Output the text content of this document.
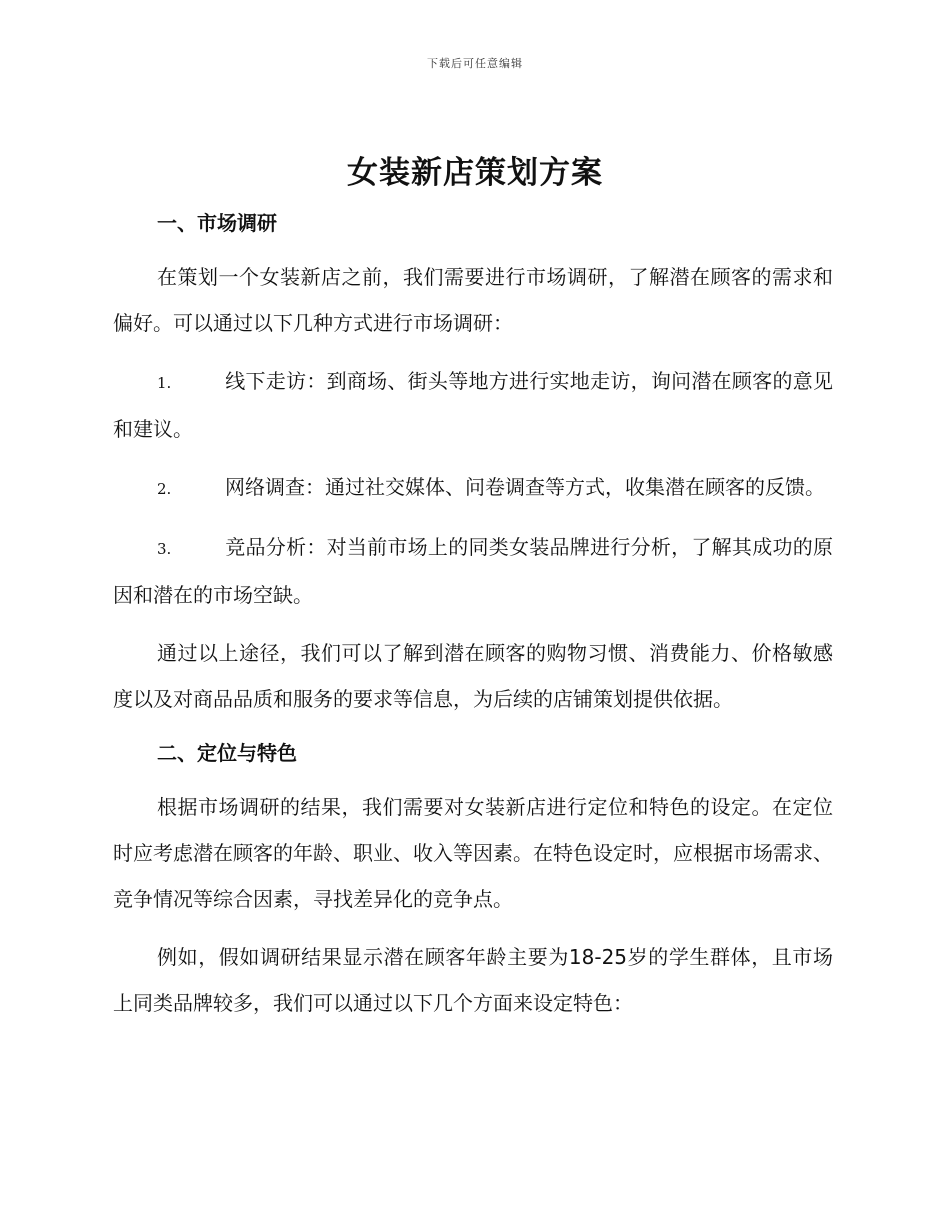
下载后可任意编辑
女装新店策划方案
一、市场调研

在策划一个女装新店之前，我们需要进行市场调研，了解潜在顾客的需求和偏好。可以通过以下几种方式进行市场调研：

1.	线下走访：到商场、街头等地方进行实地走访，询问潜在顾客的意见和建议。

2.	网络调查：通过社交媒体、问卷调查等方式，收集潜在顾客的反馈。

3.	竞品分析：对当前市场上的同类女装品牌进行分析，了解其成功的原因和潜在的市场空缺。

通过以上途径，我们可以了解到潜在顾客的购物习惯、消费能力、价格敏感度以及对商品品质和服务的要求等信息，为后续的店铺策划提供依据。

二、定位与特色

根据市场调研的结果，我们需要对女装新店进行定位和特色的设定。在定位时应考虑潜在顾客的年龄、职业、收入等因素。在特色设定时，应根据市场需求、竞争情况等综合因素，寻找差异化的竞争点。

例如，假如调研结果显示潜在顾客年龄主要为18-25岁的学生群体，且市场上同类品牌较多，我们可以通过以下几个方面来设定特色：
